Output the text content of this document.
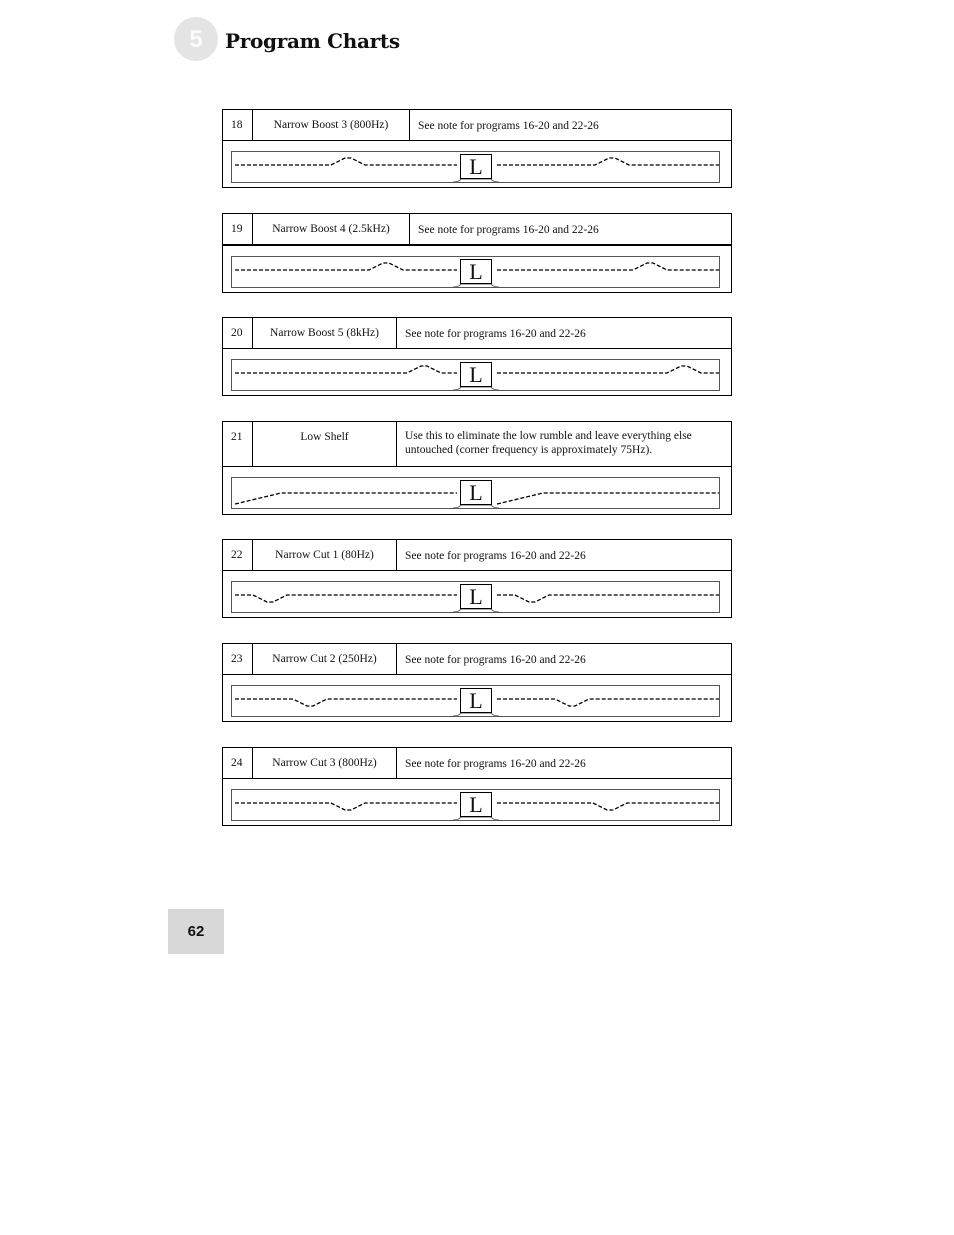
5	Program Charts
18	Narrow Boost 3 (800Hz)	See note for programs 16-20 and 22-26
L
19	Narrow Boost 4 (2.5kHz)	See note for programs 16-20 and 22-26
L
20	Narrow Boost 5 (8kHz)	See note for programs 16-20 and 22-26
L
21	Low Shelf	Use this to eliminate the low rumble and leave everything else untouched (corner frequency is approximately 75Hz).
L
22	Narrow Cut 1 (80Hz)	See note for programs 16-20 and 22-26
L
23	Narrow Cut 2 (250Hz)	See note for programs 16-20 and 22-26
L
24	Narrow Cut 3 (800Hz)	See note for programs 16-20 and 22-26
L
62
